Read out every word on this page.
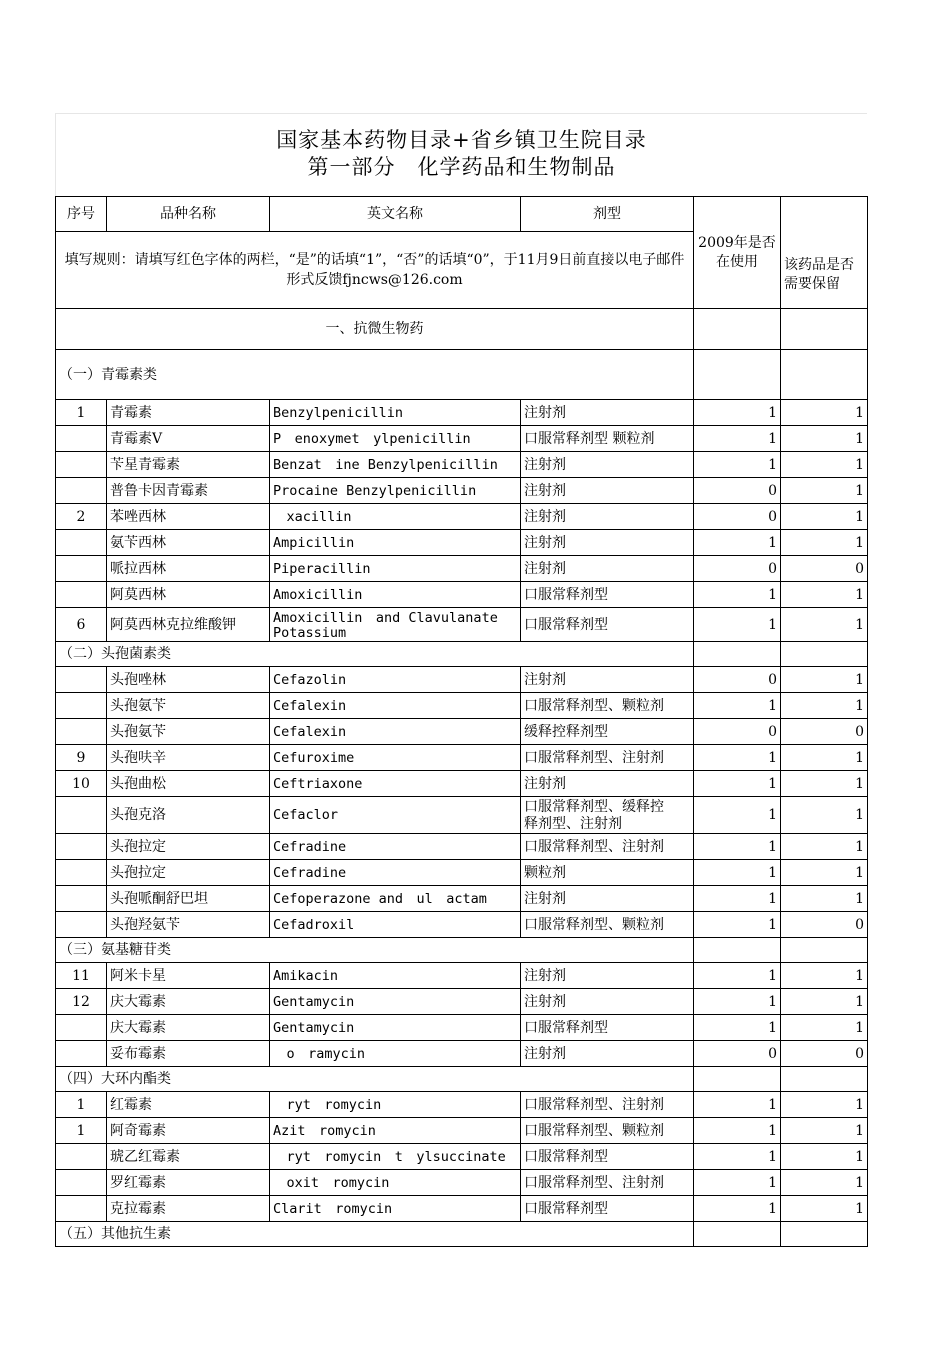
国家基本药物目录+省乡镇卫生院目录
第一部分　化学药品和生物制品
序号	品种名称	英文名称	剂型	2009年是否在使用	该药品是否需要保留
填写规则：请填写红色字体的两栏，“是”的话填“1”，“否”的话填“0”，于11月9日前直接以电子邮件形式反馈fjncws@126.com					
一、抗微生物药					
（一）青霉素类					
1	青霉素	Benzylpenicillin	注射剂	1	1
	青霉素V	P　enoxymet　ylpenicillin	口服常释剂型 颗粒剂	1	1
	苄星青霉素	Benzat　ine Benzylpenicillin	注射剂	1	1
	普鲁卡因青霉素	Procaine Benzylpenicillin	注射剂	0	1
2	苯唑西林	　xacillin	注射剂	0	1
	氨苄西林	Ampicillin	注射剂	1	1
	哌拉西林	Piperacillin	注射剂	0	0
	阿莫西林	Amoxicillin	口服常释剂型	1	1
6	阿莫西林克拉维酸钾	Amoxicillin　and Clavulanate
Potassium	口服常释剂型	1	1
（二）头孢菌素类					
	头孢唑林	Cefazolin	注射剂	0	1
	头孢氨苄	Cefalexin	口服常释剂型、颗粒剂	1	1
	头孢氨苄	Cefalexin	缓释控释剂型	0	0
9	头孢呋辛	Cefuroxime	口服常释剂型、注射剂	1	1
10	头孢曲松	Ceftriaxone	注射剂	1	1
	头孢克洛	Cefaclor	口服常释剂型、缓释控
释剂型、注射剂	1	1
	头孢拉定	Cefradine	口服常释剂型、注射剂	1	1
	头孢拉定	Cefradine	颗粒剂	1	1
	头孢哌酮舒巴坦	Cefoperazone and　ul　actam	注射剂	1	1
	头孢羟氨苄	Cefadroxil	口服常释剂型、颗粒剂	1	0
（三）氨基糖苷类					
11	阿米卡星	Amikacin	注射剂	1	1
12	庆大霉素	Gentamycin	注射剂	1	1
	庆大霉素	Gentamycin	口服常释剂型	1	1
	妥布霉素	　o　ramycin	注射剂	0	0
（四）大环内酯类					
1	红霉素	　ryt　romycin	口服常释剂型、注射剂	1	1
1	阿奇霉素	Azit　romycin	口服常释剂型、颗粒剂	1	1
	琥乙红霉素	　ryt　romycin　t　ylsuccinate	口服常释剂型	1	1
	罗红霉素	　oxit　romycin	口服常释剂型、注射剂	1	1
	克拉霉素	Clarit　romycin	口服常释剂型	1	1
（五）其他抗生素					
